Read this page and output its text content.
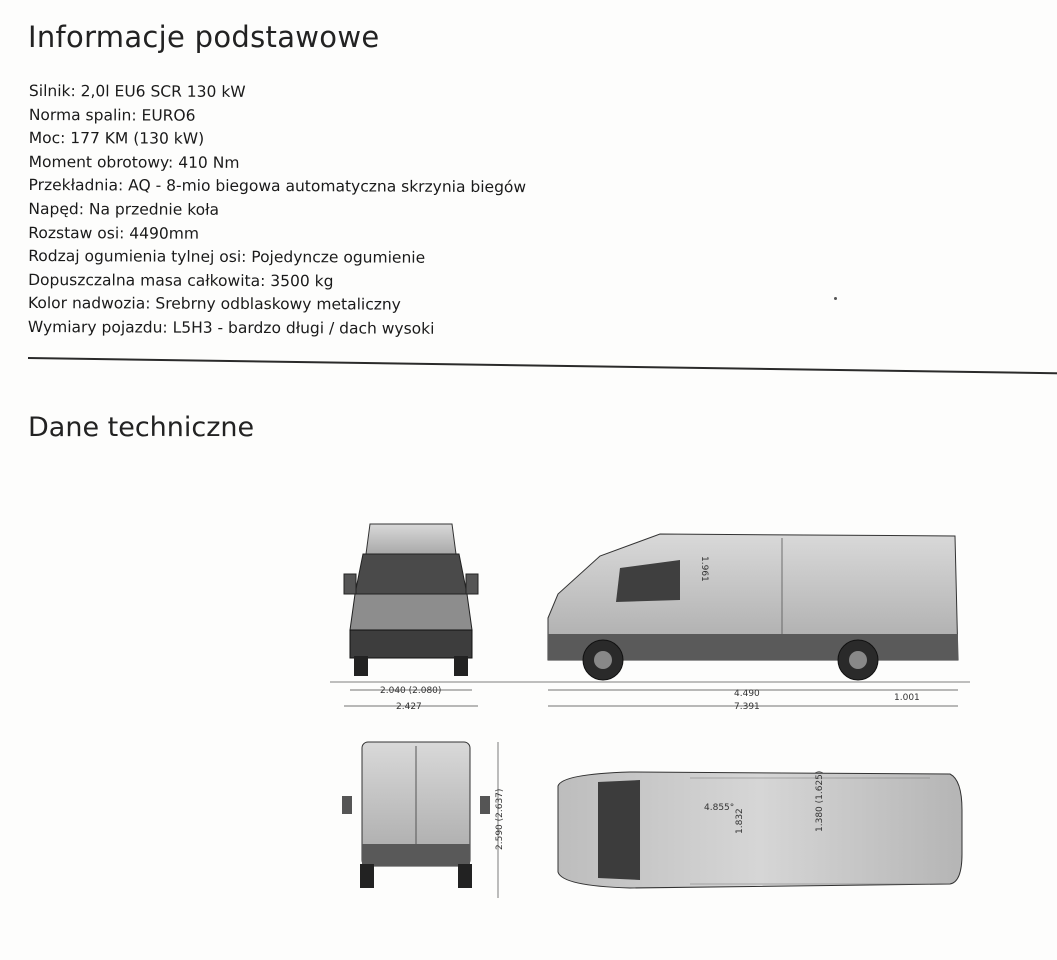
Informacje podstawowe
Silnik: 2,0l EU6 SCR 130 kW
Norma spalin: EURO6
Moc: 177 KM (130 kW)
Moment obrotowy: 410 Nm
Przekładnia: AQ - 8-mio biegowa automatyczna skrzynia biegów
Napęd: Na przednie koła
Rozstaw osi: 4490mm
Rodzaj ogumienia tylnej osi: Pojedyncze ogumienie
Dopuszczalna masa całkowita: 3500 kg
Kolor nadwozia: Srebrny odblaskowy metaliczny
Wymiary pojazdu: L5H3 - bardzo długi / dach wysoki
Dane techniczne
2.040 (2.080)
2.427
1.961
4.490	1.001
7.391
2.590 (2.637)	4.855°
1.832	1.380 (1.625)
